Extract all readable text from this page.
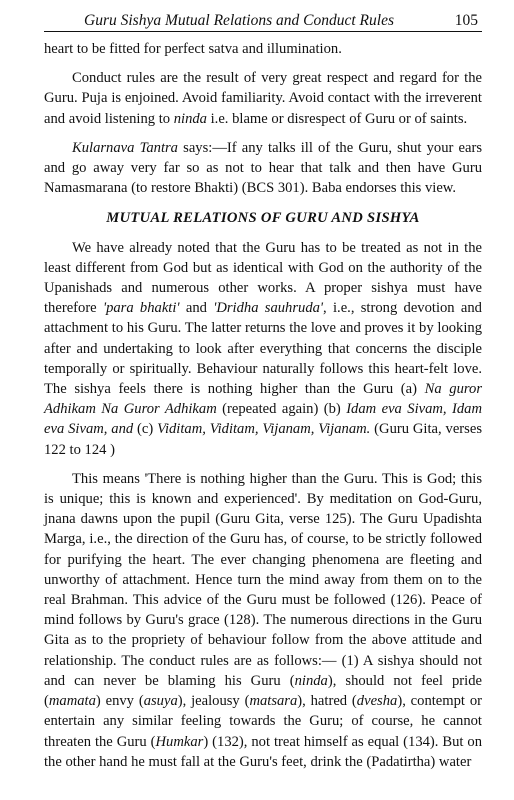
Guru Sishya Mutual Relations and Conduct Rules	105

heart to be fitted for perfect satva and illumination.

Conduct rules are the result of very great respect and regard for the Guru. Puja is enjoined. Avoid familiarity. Avoid contact with the irreverent and avoid listening to ninda i.e. blame or disrespect of Guru or of saints.

Kularnava Tantra says:—If any talks ill of the Guru, shut your ears and go away very far so as not to hear that talk and then have Guru Namasmarana (to restore Bhakti) (BCS 301). Baba endorses this view.

MUTUAL RELATIONS OF GURU AND SISHYA

We have already noted that the Guru has to be treated as not in the least different from God but as identical with God on the authority of the Upanishads and numerous other works. A proper sishya must have therefore 'para bhakti' and 'Dridha sauhruda', i.e., strong devotion and attachment to his Guru. The latter returns the love and proves it by looking after and undertaking to look after everything that concerns the disciple temporally or spiritually. Behaviour naturally follows this heart-felt love. The sishya feels there is nothing higher than the Guru (a) Na guror Adhikam Na Guror Adhikam (repeated again) (b) Idam eva Sivam, Idam eva Sivam, and (c) Viditam, Viditam, Vijanam, Vijanam. (Guru Gita, verses 122 to 124 )

This means 'There is nothing higher than the Guru. This is God; this is unique; this is known and experienced'. By meditation on God-Guru, jnana dawns upon the pupil (Guru Gita, verse 125). The Guru Upadishta Marga, i.e., the direction of the Guru has, of course, to be strictly followed for purifying the heart. The ever changing phenomena are fleeting and unworthy of attachment. Hence turn the mind away from them on to the real Brahman. This advice of the Guru must be followed (126). Peace of mind follows by Guru's grace (128). The numerous directions in the Guru Gita as to the propriety of behaviour follow from the above attitude and relationship. The conduct rules are as follows:— (1) A sishya should not and can never be blaming his Guru (ninda), should not feel pride (mamata) envy (asuya), jealousy (matsara), hatred (dvesha), contempt or entertain any similar feeling towards the Guru; of course, he cannot threaten the Guru (Humkar) (132), not treat himself as equal (134). But on the other hand he must fall at the Guru's feet, drink the (Padatirtha) water
